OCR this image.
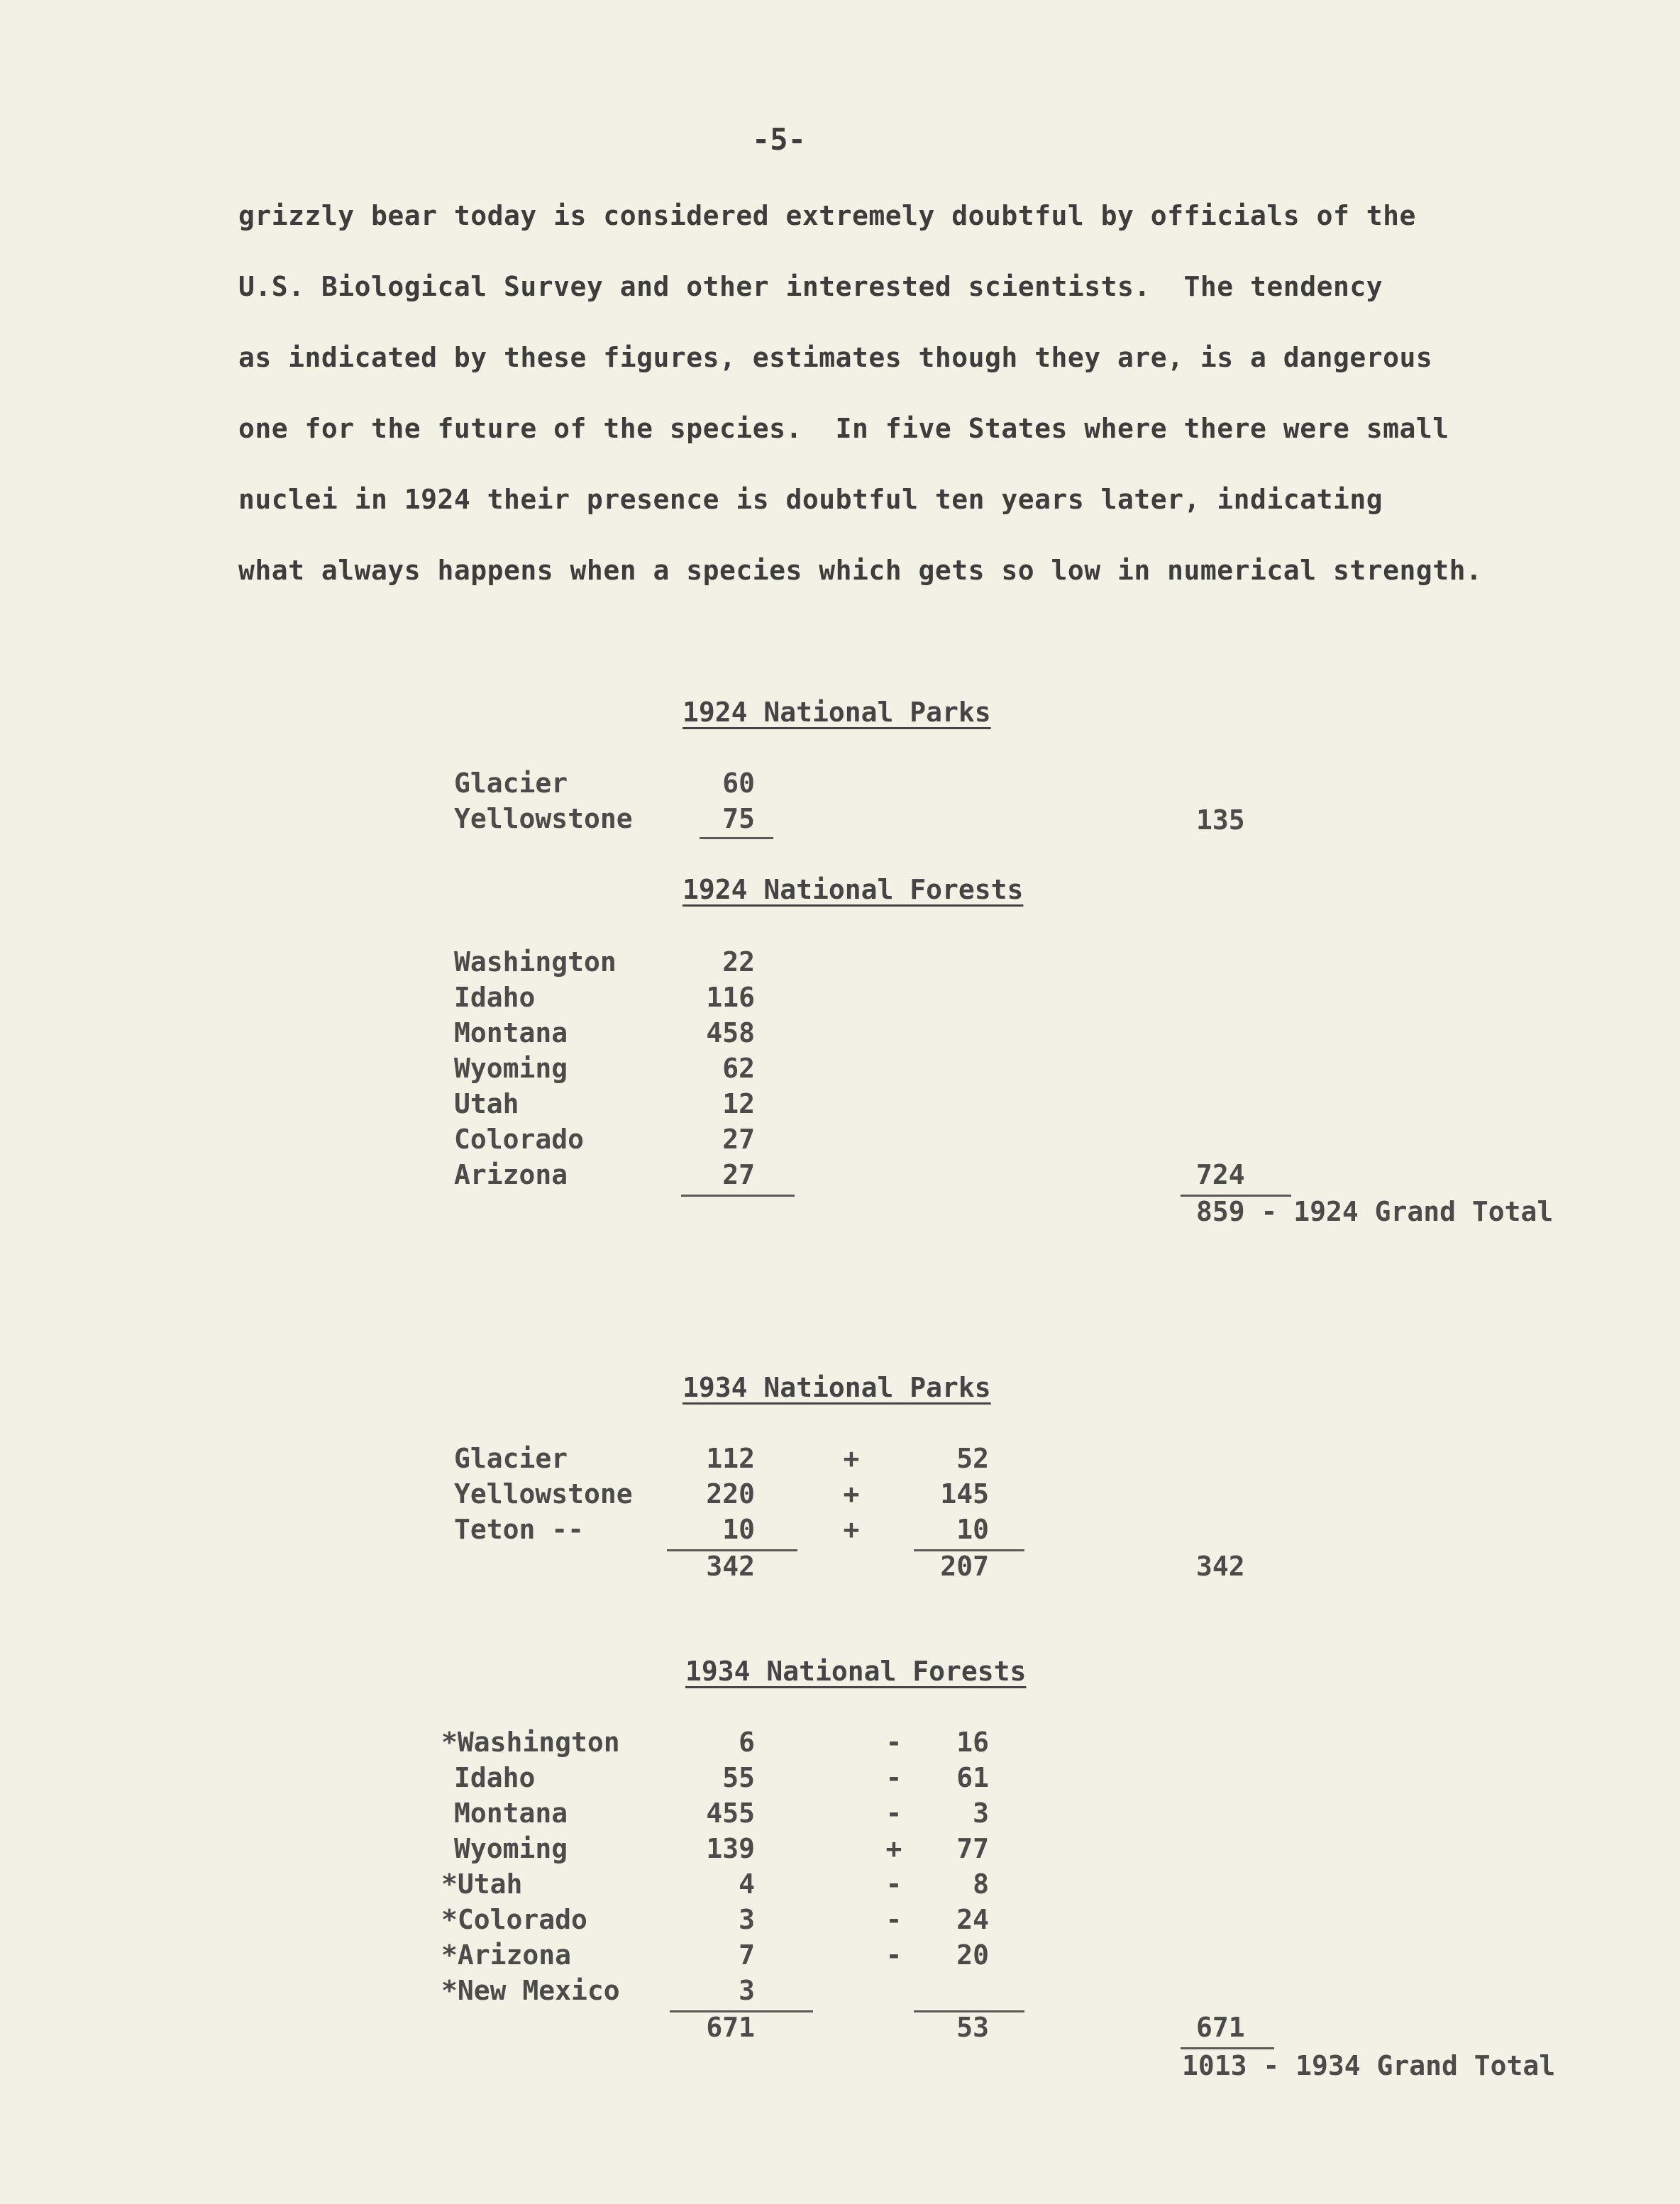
-5-
grizzly bear today is considered extremely doubtful by officials of the
U.S. Biological Survey and other interested scientists.  The tendency
as indicated by these figures, estimates though they are, is a dangerous
one for the future of the species.  In five States where there were small
nuclei in 1924 their presence is doubtful ten years later, indicating
what always happens when a species which gets so low in numerical strength.
1924 National Parks
Glacier	60
Yellowstone	75	135
1924 National Forests
Washington	22
Idaho	116
Montana	458
Wyoming	62
Utah	12
Colorado	27
Arizona	27	724
859 - 1924 Grand Total
1934 National Parks
Glacier	112	+	52
Yellowstone	220	+	145
Teton --	10	+	10
342	207	342
1934 National Forests
*Washington	6	-	16
Idaho	55	-	61
Montana	455	-	3
Wyoming	139	+	77
*Utah	4	-	8
*Colorado	3	-	24
*Arizona	7	-	20
*New Mexico	3
671	53	671
1013 - 1934 Grand Total
